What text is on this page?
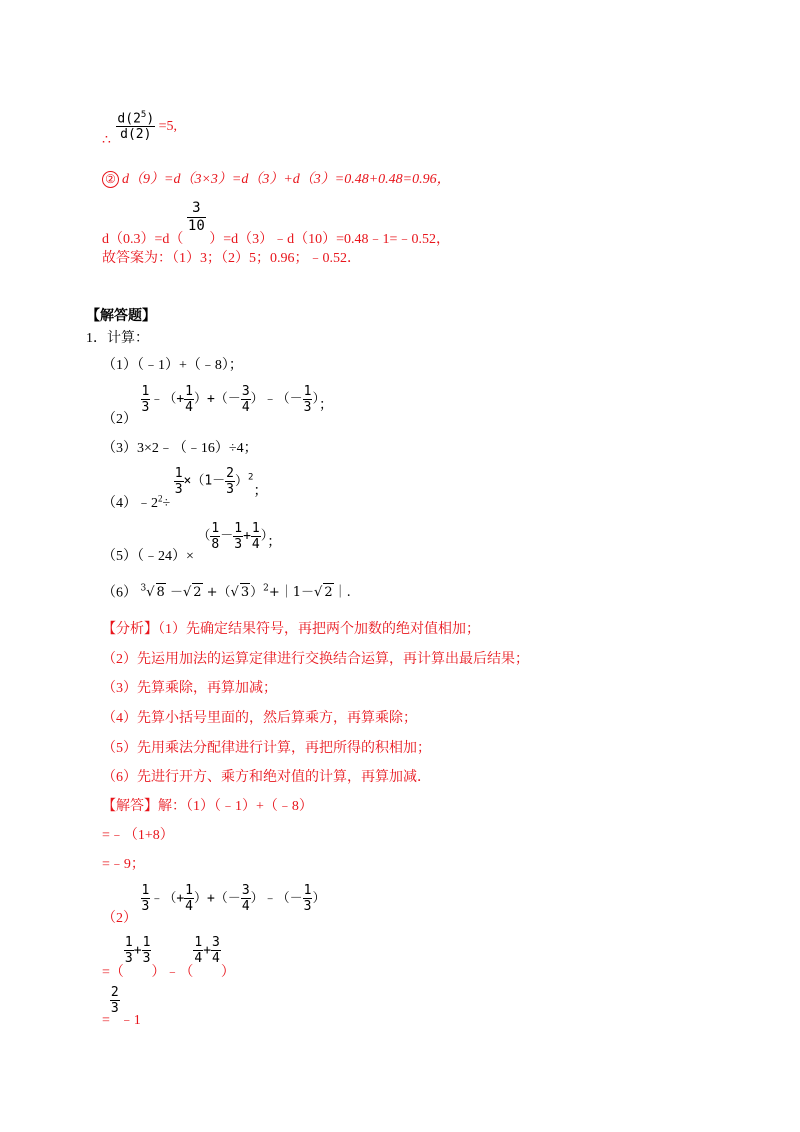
∴ $\frac{d(2^5)}{d(2)} =5$,
② d（9）=d（3×3）=d（3）+d（3）=0.48+0.48=0.96，
d（0.3）=d（
$\frac{3}{10}$
）=d（3）﹣d（10）=0.48﹣1=﹣0.52，
故答案为：（1）3；（2）5；0.96；﹣0.52．
【解答题】
1．计算：
（1）（﹣1）+（﹣8）；
（2）
$\frac{1}{3}$ ﹣（+ $\frac{1}{4}$ ）+（－ $\frac{3}{4}$ ）﹣（－ $\frac{1}{3}$ ）；
（3）3×2﹣（﹣16）÷4；
$(4)﹣2^2\div$
$\frac{1}{3} \times(1- \frac{2}{3} )^2$；
（5）（﹣24）× （ $\frac{1}{8} - \frac{1}{3} + \frac{1}{4}$ ）；
（6） $^3$√ 8 －√ 2 +（√ 3）$^2$+｜1－√ 2｜.
【分析】（1）先确定结果符号，再把两个加数的绝对值相加；
（2）先运用加法的运算定律进行交换结合运算，再计算出最后结果；
（3）先算乘除，再算加减；
（4）先算小括号里面的，然后算乘方，再算乘除；
（5）先用乘法分配律进行计算，再把所得的积相加；
（6）先进行开方、乘方和绝对值的计算，再算加减．
【解答】解：（1）（﹣1）+（﹣8）
=﹣（1+8）
=﹣9；
（2）
$\frac{1}{3}$ ﹣（+ $\frac{1}{4}$ ）+（－ $\frac{3}{4}$ ）﹣（－ $\frac{1}{3}$ ）
=（
$\frac{1}{3} + \frac{1}{3}$
）﹣（
$\frac{1}{4} + \frac{3}{4}$
）
=
$\frac{2}{3}$
﹣1
